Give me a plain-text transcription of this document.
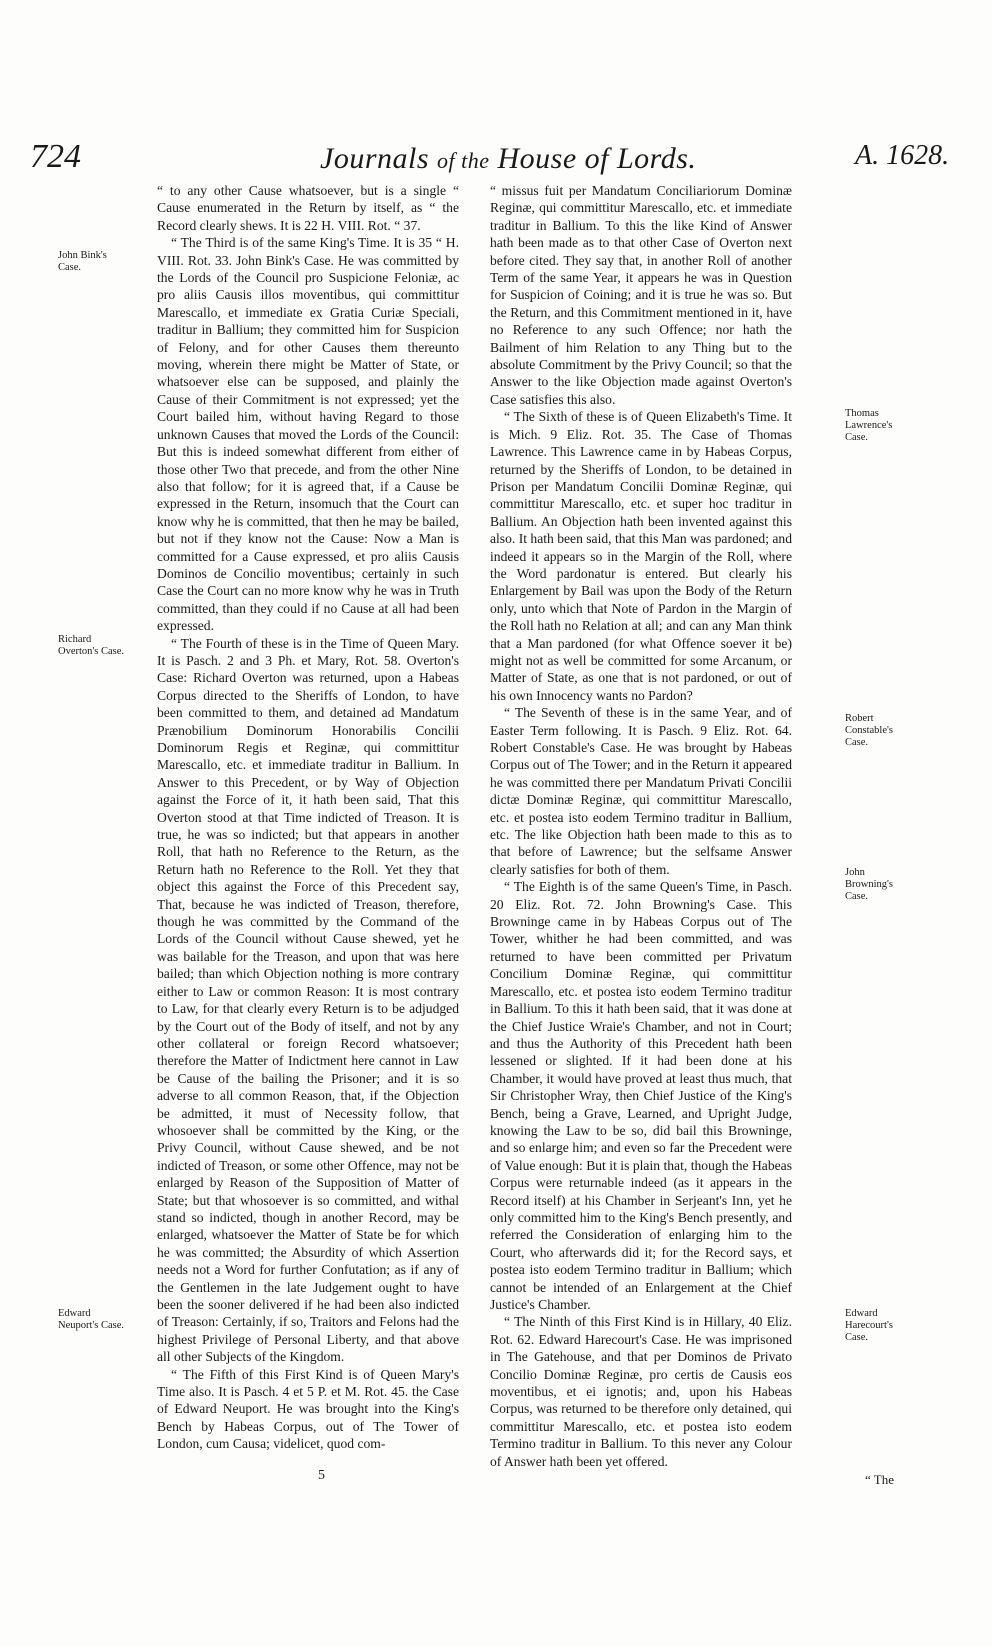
724	Journals of the House of Lords.	A. 1628.
John Bink's Case.
Richard Overton's Case.
Edward Neuport's Case.
Thomas Lawrence's Case.
Robert Constable's Case.
John Browning's Case.
Edward Harecourt's Case.

“ to any other Cause whatsoever, but is a single “ Cause enumerated in the Return by itself, as “ the Record clearly shews. It is 22 H. VIII. Rot. “ 37.

“ The Third is of the same King's Time. It is 35 “ H. VIII. Rot. 33. John Bink's Case. He was committed by the Lords of the Council pro Suspicione Feloniæ, ac pro aliis Causis illos moventibus, qui committitur Marescallo, et immediate ex Gratia Curiæ Speciali, traditur in Ballium; they committed him for Suspicion of Felony, and for other Causes them thereunto moving, wherein there might be Matter of State, or whatsoever else can be supposed, and plainly the Cause of their Commitment is not expressed; yet the Court bailed him, without having Regard to those unknown Causes that moved the Lords of the Council: But this is indeed somewhat different from either of those other Two that precede, and from the other Nine also that follow; for it is agreed that, if a Cause be expressed in the Return, insomuch that the Court can know why he is committed, that then he may be bailed, but not if they know not the Cause: Now a Man is committed for a Cause expressed, et pro aliis Causis Dominos de Concilio moventibus; certainly in such Case the Court can no more know why he was in Truth committed, than they could if no Cause at all had been expressed.

“ The Fourth of these is in the Time of Queen Mary. It is Pasch. 2 and 3 Ph. et Mary, Rot. 58. Overton's Case: Richard Overton was returned, upon a Habeas Corpus directed to the Sheriffs of London, to have been committed to them, and detained ad Mandatum Prænobilium Dominorum Honorabilis Concilii Dominorum Regis et Reginæ, qui committitur Marescallo, etc. et immediate traditur in Ballium. In Answer to this Precedent, or by Way of Objection against the Force of it, it hath been said, That this Overton stood at that Time indicted of Treason. It is true, he was so indicted; but that appears in another Roll, that hath no Reference to the Return, as the Return hath no Reference to the Roll. Yet they that object this against the Force of this Precedent say, That, because he was indicted of Treason, therefore, though he was committed by the Command of the Lords of the Council without Cause shewed, yet he was bailable for the Treason, and upon that was here bailed; than which Objection nothing is more contrary either to Law or common Reason: It is most contrary to Law, for that clearly every Return is to be adjudged by the Court out of the Body of itself, and not by any other collateral or foreign Record whatsoever; therefore the Matter of Indictment here cannot in Law be Cause of the bailing the Prisoner; and it is so adverse to all common Reason, that, if the Objection be admitted, it must of Necessity follow, that whosoever shall be committed by the King, or the Privy Council, without Cause shewed, and be not indicted of Treason, or some other Offence, may not be enlarged by Reason of the Supposition of Matter of State; but that whosoever is so committed, and withal stand so indicted, though in another Record, may be enlarged, whatsoever the Matter of State be for which he was committed; the Absurdity of which Assertion needs not a Word for further Confutation; as if any of the Gentlemen in the late Judgement ought to have been the sooner delivered if he had been also indicted of Treason: Certainly, if so, Traitors and Felons had the highest Privilege of Personal Liberty, and that above all other Subjects of the Kingdom.

“ The Fifth of this First Kind is of Queen Mary's Time also. It is Pasch. 4 et 5 P. et M. Rot. 45. the Case of Edward Neuport. He was brought into the King's Bench by Habeas Corpus, out of The Tower of London, cum Causa; videlicet, quod com-

“ missus fuit per Mandatum Conciliariorum Dominæ Reginæ, qui committitur Marescallo, etc. et immediate traditur in Ballium. To this the like Kind of Answer hath been made as to that other Case of Overton next before cited. They say that, in another Roll of another Term of the same Year, it appears he was in Question for Suspicion of Coining; and it is true he was so. But the Return, and this Commitment mentioned in it, have no Reference to any such Offence; nor hath the Bailment of him Relation to any Thing but to the absolute Commitment by the Privy Council; so that the Answer to the like Objection made against Overton's Case satisfies this also.

“ The Sixth of these is of Queen Elizabeth's Time. It is Mich. 9 Eliz. Rot. 35. The Case of Thomas Lawrence. This Lawrence came in by Habeas Corpus, returned by the Sheriffs of London, to be detained in Prison per Mandatum Concilii Dominæ Reginæ, qui committitur Marescallo, etc. et super hoc traditur in Ballium. An Objection hath been invented against this also. It hath been said, that this Man was pardoned; and indeed it appears so in the Margin of the Roll, where the Word pardonatur is entered. But clearly his Enlargement by Bail was upon the Body of the Return only, unto which that Note of Pardon in the Margin of the Roll hath no Relation at all; and can any Man think that a Man pardoned (for what Offence soever it be) might not as well be committed for some Arcanum, or Matter of State, as one that is not pardoned, or out of his own Innocency wants no Pardon?

“ The Seventh of these is in the same Year, and of Easter Term following. It is Pasch. 9 Eliz. Rot. 64. Robert Constable's Case. He was brought by Habeas Corpus out of The Tower; and in the Return it appeared he was committed there per Mandatum Privati Concilii dictæ Dominæ Reginæ, qui committitur Marescallo, etc. et postea isto eodem Termino traditur in Ballium, etc. The like Objection hath been made to this as to that before of Lawrence; but the selfsame Answer clearly satisfies for both of them.

“ The Eighth is of the same Queen's Time, in Pasch. 20 Eliz. Rot. 72. John Browning's Case. This Browninge came in by Habeas Corpus out of The Tower, whither he had been committed, and was returned to have been committed per Privatum Concilium Dominæ Reginæ, qui committitur Marescallo, etc. et postea isto eodem Termino traditur in Ballium. To this it hath been said, that it was done at the Chief Justice Wraie's Chamber, and not in Court; and thus the Authority of this Precedent hath been lessened or slighted. If it had been done at his Chamber, it would have proved at least thus much, that Sir Christopher Wray, then Chief Justice of the King's Bench, being a Grave, Learned, and Upright Judge, knowing the Law to be so, did bail this Browninge, and so enlarge him; and even so far the Precedent were of Value enough: But it is plain that, though the Habeas Corpus were returnable indeed (as it appears in the Record itself) at his Chamber in Serjeant's Inn, yet he only committed him to the King's Bench presently, and referred the Consideration of enlarging him to the Court, who afterwards did it; for the Record says, et postea isto eodem Termino traditur in Ballium; which cannot be intended of an Enlargement at the Chief Justice's Chamber.

“ The Ninth of this First Kind is in Hillary, 40 Eliz. Rot. 62. Edward Harecourt's Case. He was imprisoned in The Gatehouse, and that per Dominos de Privato Concilio Dominæ Reginæ, pro certis de Causis eos moventibus, et ei ignotis; and, upon his Habeas Corpus, was returned to be therefore only detained, qui committitur Marescallo, etc. et postea isto eodem Termino traditur in Ballium. To this never any Colour of Answer hath been yet offered.

5	“ The
